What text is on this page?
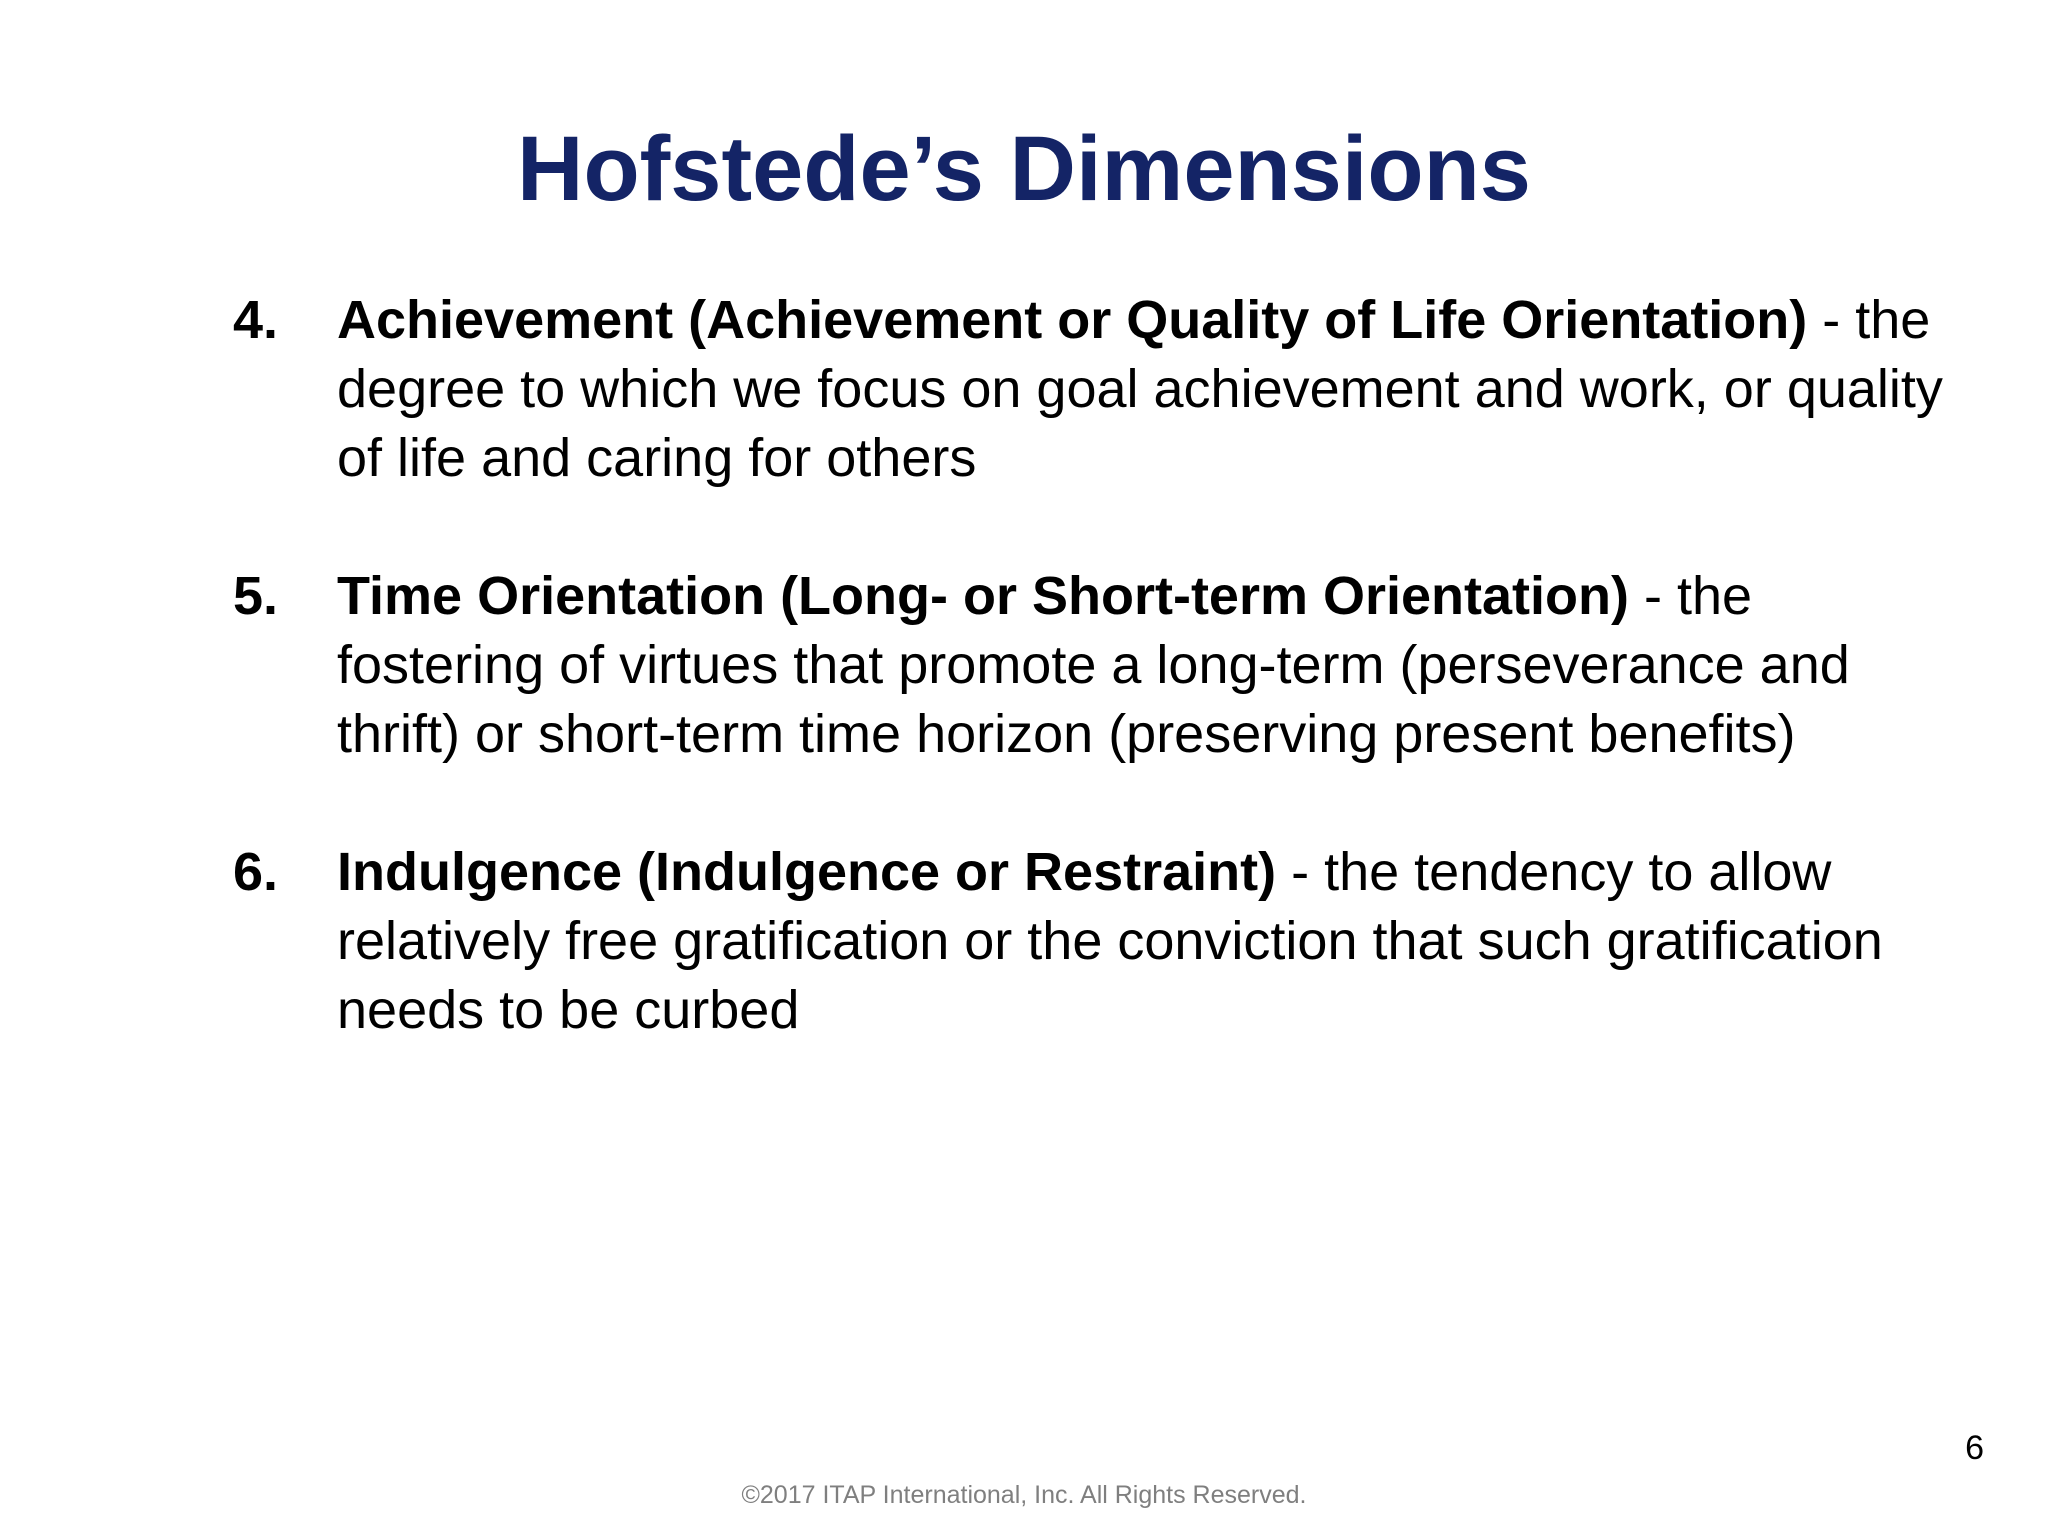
Hofstede’s Dimensions
4. Achievement (Achievement or Quality of Life Orientation) - the degree to which we focus on goal achievement and work, or quality of life and caring for others
5. Time Orientation (Long- or Short-term Orientation) - the fostering of virtues that promote a long-term (perseverance and thrift) or short-term time horizon (preserving present benefits)
6. Indulgence (Indulgence or Restraint) - the tendency to allow relatively free gratification or the conviction that such gratification needs to be curbed
6
©2017 ITAP International, Inc. All Rights Reserved.
